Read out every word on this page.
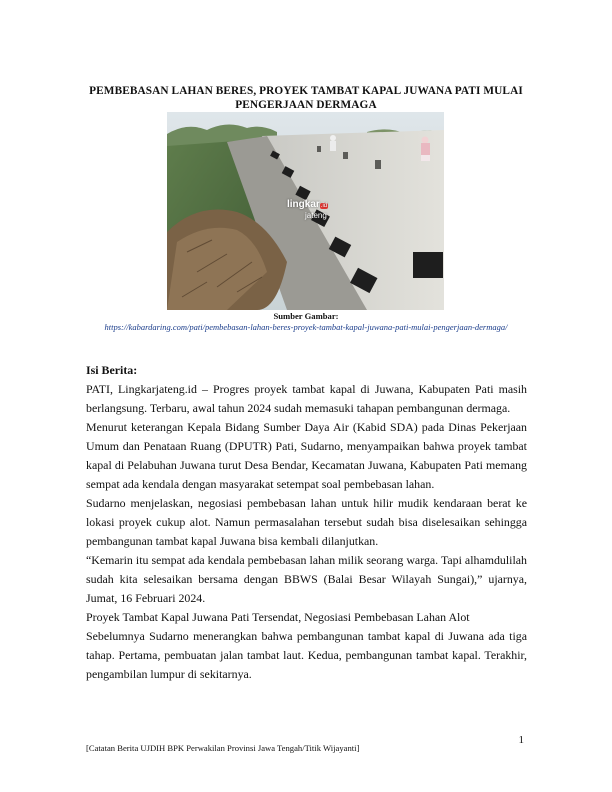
PEMBEBASAN LAHAN BERES, PROYEK TAMBAT KAPAL JUWANA PATI MULAI PENGERJAAN DERMAGA
lingkar.id
jateng
Sumber Gambar:
https://kabardaring.com/pati/pembebasan-lahan-beres-proyek-tambat-kapal-juwana-pati-mulai-pengerjaan-dermaga/

Isi Berita:

PATI, Lingkarjateng.id – Progres proyek tambat kapal di Juwana, Kabupaten Pati masih berlangsung. Terbaru, awal tahun 2024 sudah memasuki tahapan pembangunan dermaga.

Menurut keterangan Kepala Bidang Sumber Daya Air (Kabid SDA) pada Dinas Pekerjaan Umum dan Penataan Ruang (DPUTR) Pati, Sudarno, menyampaikan bahwa proyek tambat kapal di Pelabuhan Juwana turut Desa Bendar, Kecamatan Juwana, Kabupaten Pati memang sempat ada kendala dengan masyarakat setempat soal pembebasan lahan.

Sudarno menjelaskan, negosiasi pembebasan lahan untuk hilir mudik kendaraan berat ke lokasi proyek cukup alot. Namun permasalahan tersebut sudah bisa diselesaikan sehingga pembangunan tambat kapal Juwana bisa kembali dilanjutkan.

“Kemarin itu sempat ada kendala pembebasan lahan milik seorang warga. Tapi alhamdulilah sudah kita selesaikan bersama dengan BBWS (Balai Besar Wilayah Sungai),” ujarnya, Jumat, 16 Februari 2024.

Proyek Tambat Kapal Juwana Pati Tersendat, Negosiasi Pembebasan Lahan Alot

Sebelumnya Sudarno menerangkan bahwa pembangunan tambat kapal di Juwana ada tiga tahap. Pertama, pembuatan jalan tambat laut. Kedua, pembangunan tambat kapal. Terakhir, pengambilan lumpur di sekitarnya.

1
[Catatan Berita UJDIH BPK Perwakilan Provinsi Jawa Tengah/Titik Wijayanti]
